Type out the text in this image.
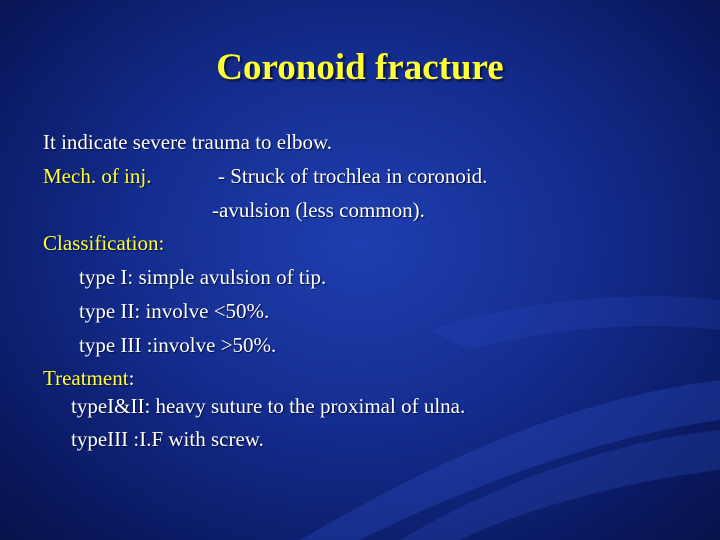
Coronoid fracture
It indicate severe trauma to elbow.
Mech. of inj.	- Struck of trochlea in coronoid.
-avulsion (less common).
Classification:
type I: simple avulsion of tip.
type II: involve <50%.
type III :involve >50%.
Treatment:
typeI&II: heavy suture to the proximal of ulna.
typeIII :I.F with screw.
